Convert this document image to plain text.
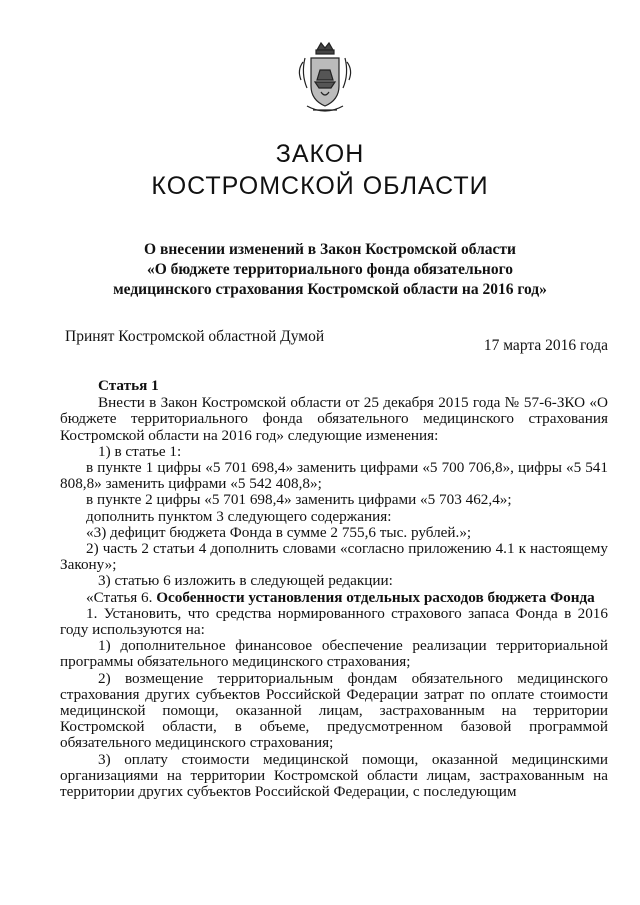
ЗАКОН
КОСТРОМСКОЙ ОБЛАСТИ
О внесении изменений в Закон Костромской области
«О бюджете территориального фонда обязательного
медицинского страхования Костромской области на 2016 год»
Принят Костромской областной Думой
17 марта 2016 года

Статья 1

Внести в Закон Костромской области от 25 декабря 2015 года № 57-6-ЗКО «О бюджете территориального фонда обязательного медицинского страхования Костромской области на 2016 год» следующие изменения:

1) в статье 1:

в пункте 1 цифры «5 701 698,4» заменить цифрами «5 700 706,8», цифры «5 541 808,8» заменить цифрами «5 542 408,8»;

в пункте 2 цифры «5 701 698,4» заменить цифрами «5 703 462,4»;

дополнить пунктом 3 следующего содержания:

«3) дефицит бюджета Фонда в сумме 2 755,6 тыс. рублей.»;

2) часть 2 статьи 4 дополнить словами «согласно приложению 4.1 к настоящему Закону»;

3) статью 6 изложить в следующей редакции:

«Статья 6. Особенности установления отдельных расходов бюджета Фонда

1. Установить, что средства нормированного страхового запаса Фонда в 2016 году используются на:

1) дополнительное финансовое обеспечение реализации территориальной программы обязательного медицинского страхования;

2) возмещение территориальным фондам обязательного медицинского страхования других субъектов Российской Федерации затрат по оплате стоимости медицинской помощи, оказанной лицам, застрахованным на территории Костромской области, в объеме, предусмотренном базовой программой обязательного медицинского страхования;

3) оплату стоимости медицинской помощи, оказанной медицинскими организациями на территории Костромской области лицам, застрахованным на территории других субъектов Российской Федерации, с последующим
